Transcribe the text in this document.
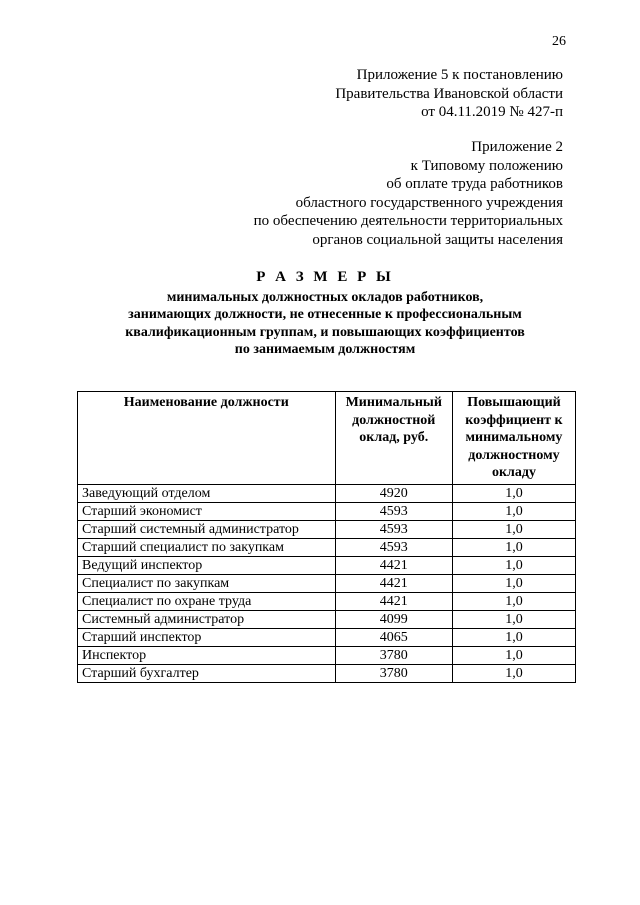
26
Приложение 5 к постановлению
Правительства Ивановской области
от 04.11.2019 № 427-п
Приложение 2
к Типовому положению
об оплате труда работников
областного государственного учреждения
по обеспечению деятельности территориальных
органов социальной защиты населения
Р А З М Е Р Ы
минимальных должностных окладов работников,
занимающих должности, не отнесенные к профессиональным
квалификационным группам, и повышающих коэффициентов
по занимаемым должностям
Наименование должности	Минимальный должностной оклад, руб.	Повышающий коэффициент к минимальному должностному окладу
Заведующий отделом	4920	1,0
Старший экономист	4593	1,0
Старший системный администратор	4593	1,0
Старший специалист по закупкам	4593	1,0
Ведущий инспектор	4421	1,0
Специалист по закупкам	4421	1,0
Специалист по охране труда	4421	1,0
Системный администратор	4099	1,0
Старший инспектор	4065	1,0
Инспектор	3780	1,0
Старший бухгалтер	3780	1,0
